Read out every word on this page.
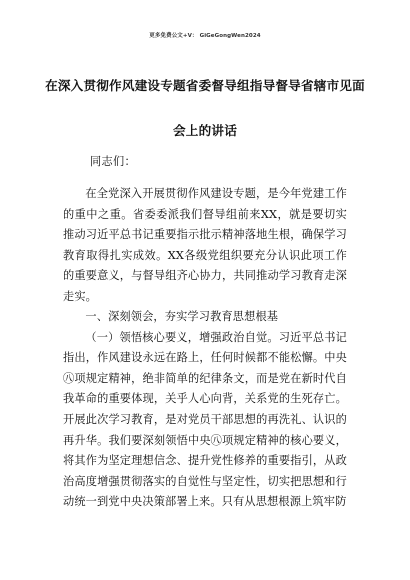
更多免费公文+V： GiGeGongWen2024
在深入贯彻作风建设专题省委督导组指导督导省辖市见面
会上的讲话
同志们：

在全党深入开展贯彻作风建设专题，是今年党建工作的重中之重。省委委派我们督导组前来XX，就是要切实推动习近平总书记重要指示批示精神落地生根，确保学习教育取得扎实成效。XX各级党组织要充分认识此项工作的重要意义，与督导组齐心协力，共同推动学习教育走深走实。

一、深刻领会，夯实学习教育思想根基

（一）领悟核心要义，增强政治自觉。习近平总书记指出，作风建设永远在路上，任何时候都不能松懈。中央㊇项规定精神，绝非简单的纪律条文，而是党在新时代自我革命的重要体现，关乎人心向背，关系党的生死存亡。开展此次学习教育，是对党员干部思想的再洗礼、认识的再升华。我们要深刻领悟中央㊇项规定精神的核心要义，将其作为坚定理想信念、提升党性修养的重要指引，从政治高度增强贯彻落实的自觉性与坚定性，切实把思想和行动统一到党中央决策部署上来。只有从思想根源上筑牢防
